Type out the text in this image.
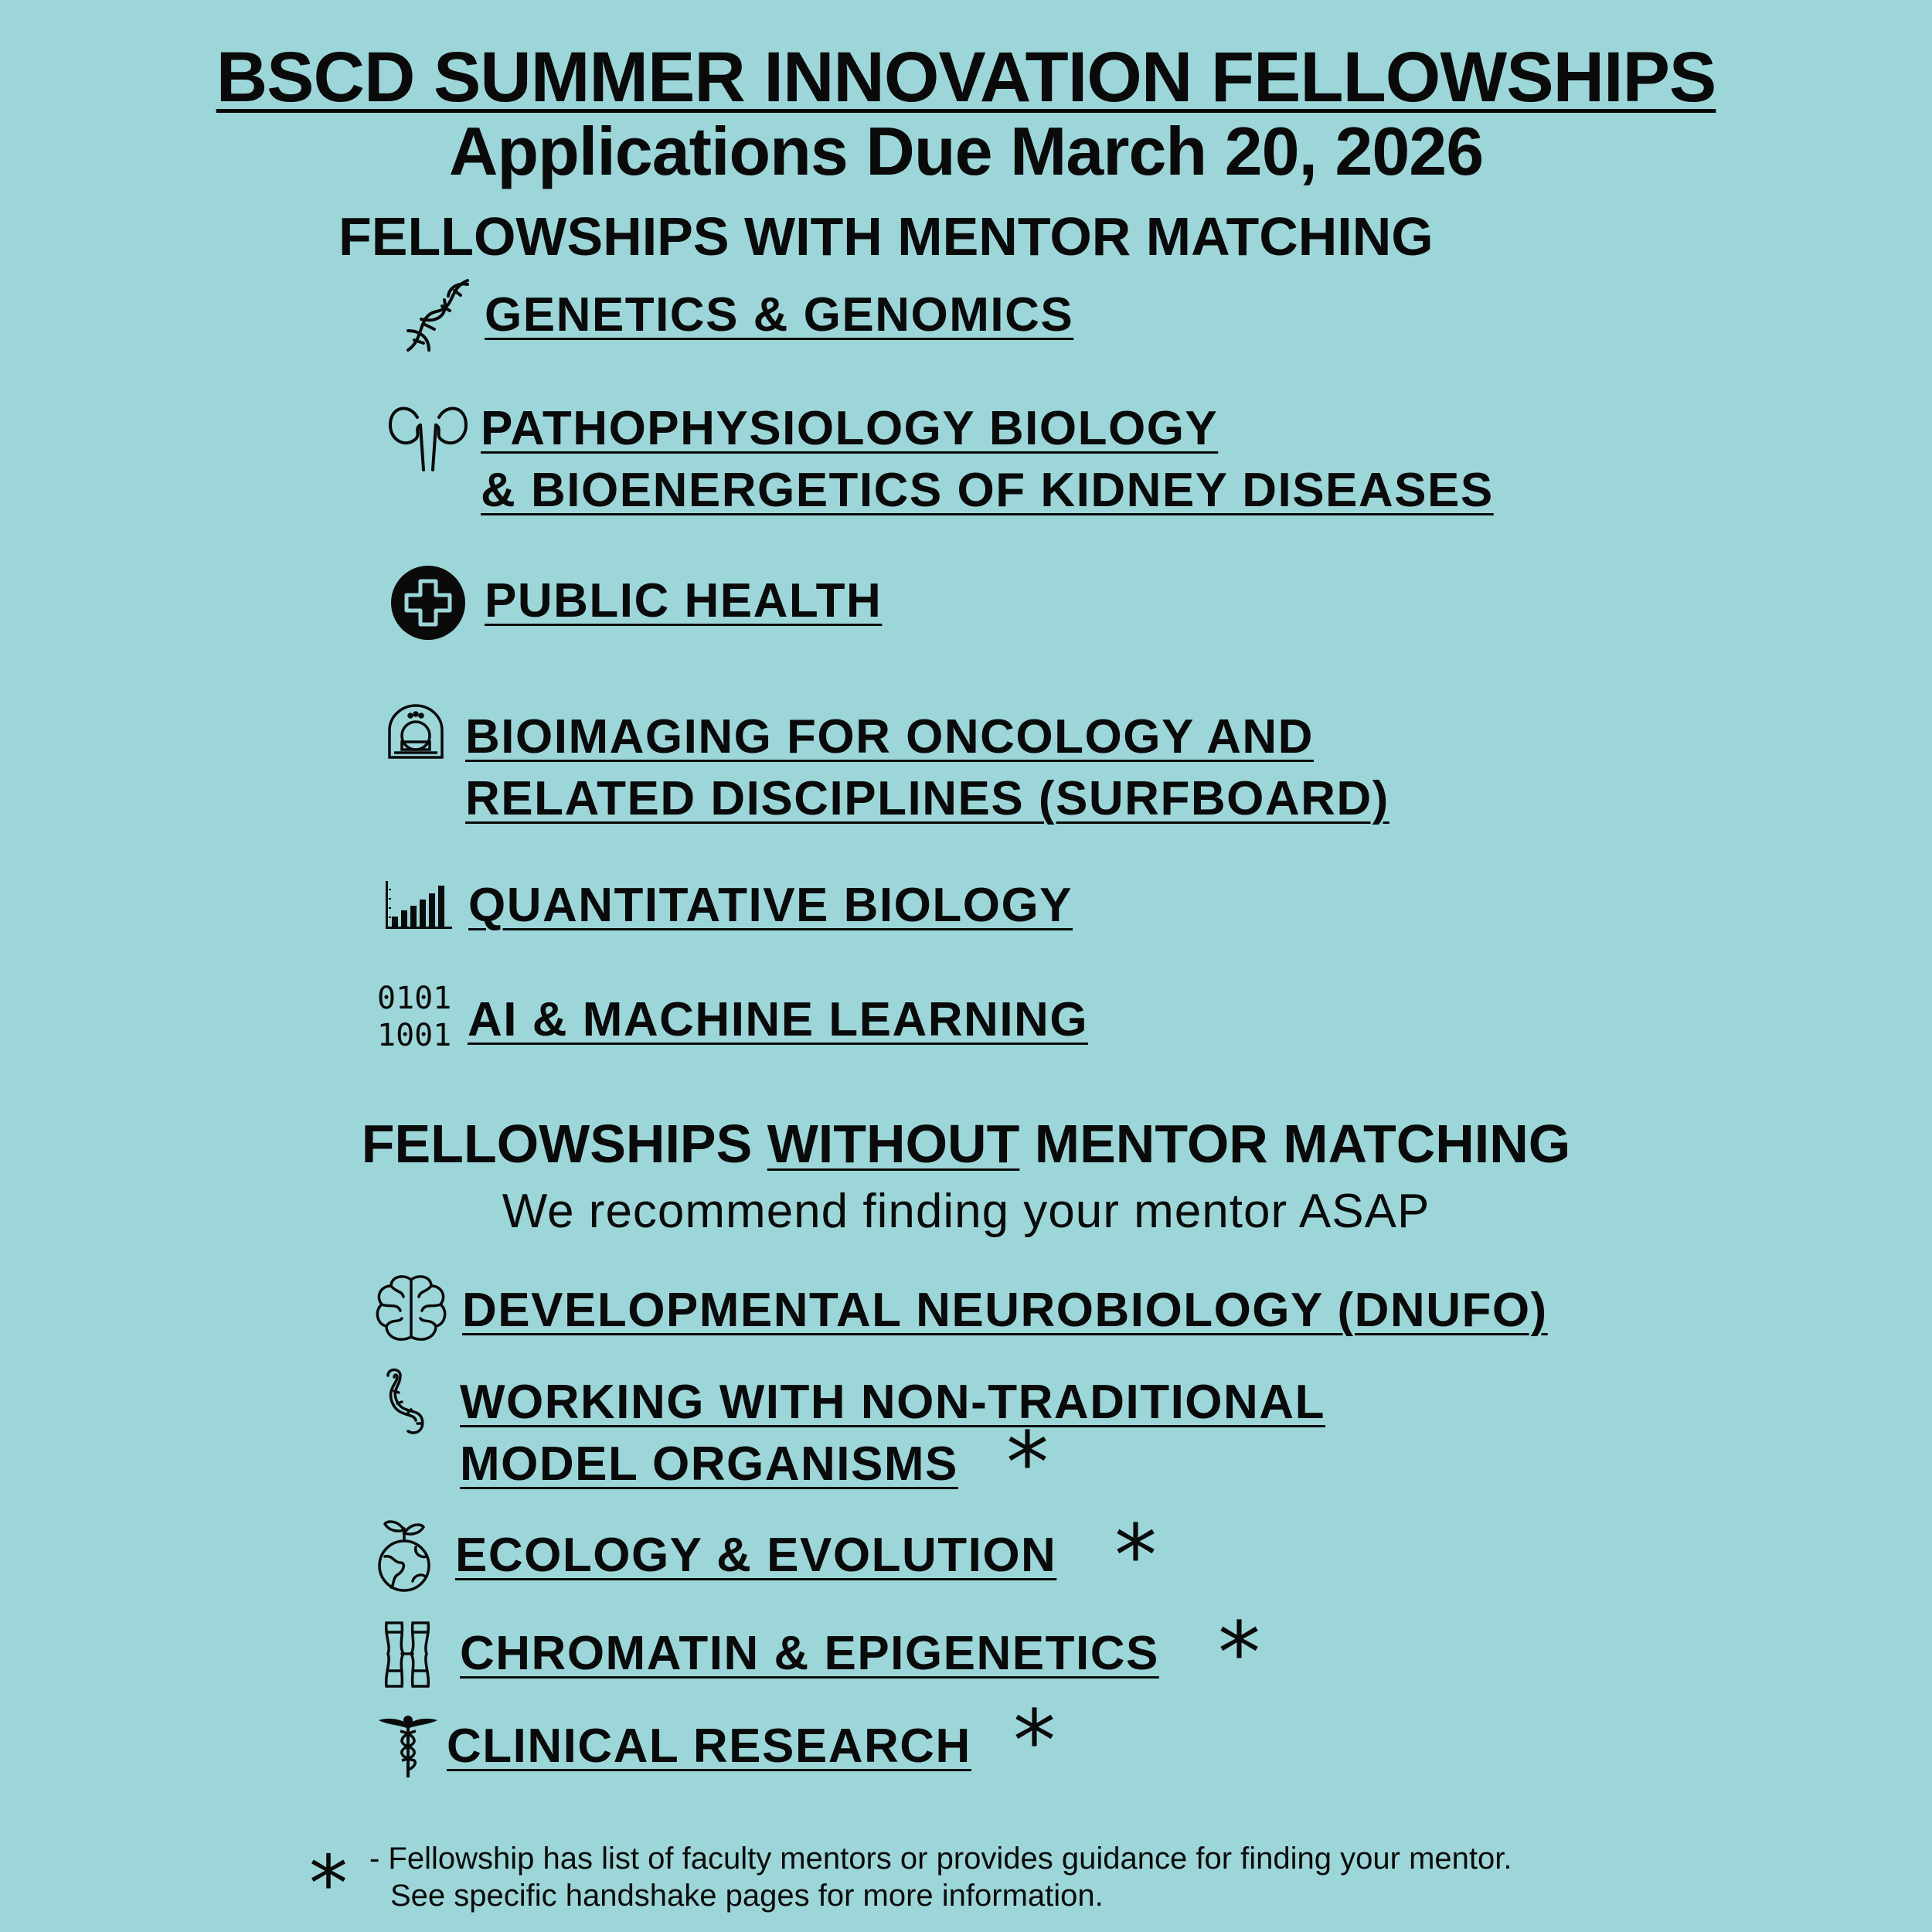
BSCD SUMMER INNOVATION FELLOWSHIPS
Applications Due March 20, 2026
FELLOWSHIPS WITH MENTOR MATCHING
GENETICS & GENOMICS
PATHOPHYSIOLOGY BIOLOGY
& BIOENERGETICS OF KIDNEY DISEASES
PUBLIC HEALTH
BIOIMAGING FOR ONCOLOGY AND
RELATED DISCIPLINES (SURFBOARD)
QUANTITATIVE BIOLOGY
0101
1001 AI & MACHINE LEARNING
FELLOWSHIPS WITHOUT MENTOR MATCHING
We recommend finding your mentor ASAP
DEVELOPMENTAL NEUROBIOLOGY (DNUFO)
WORKING WITH NON-TRADITIONAL
MODEL ORGANISMS *
ECOLOGY & EVOLUTION *
CHROMATIN & EPIGENETICS *
CLINICAL RESEARCH *
* - Fellowship has list of faculty mentors or provides guidance for finding your mentor.
See specific handshake pages for more information.
